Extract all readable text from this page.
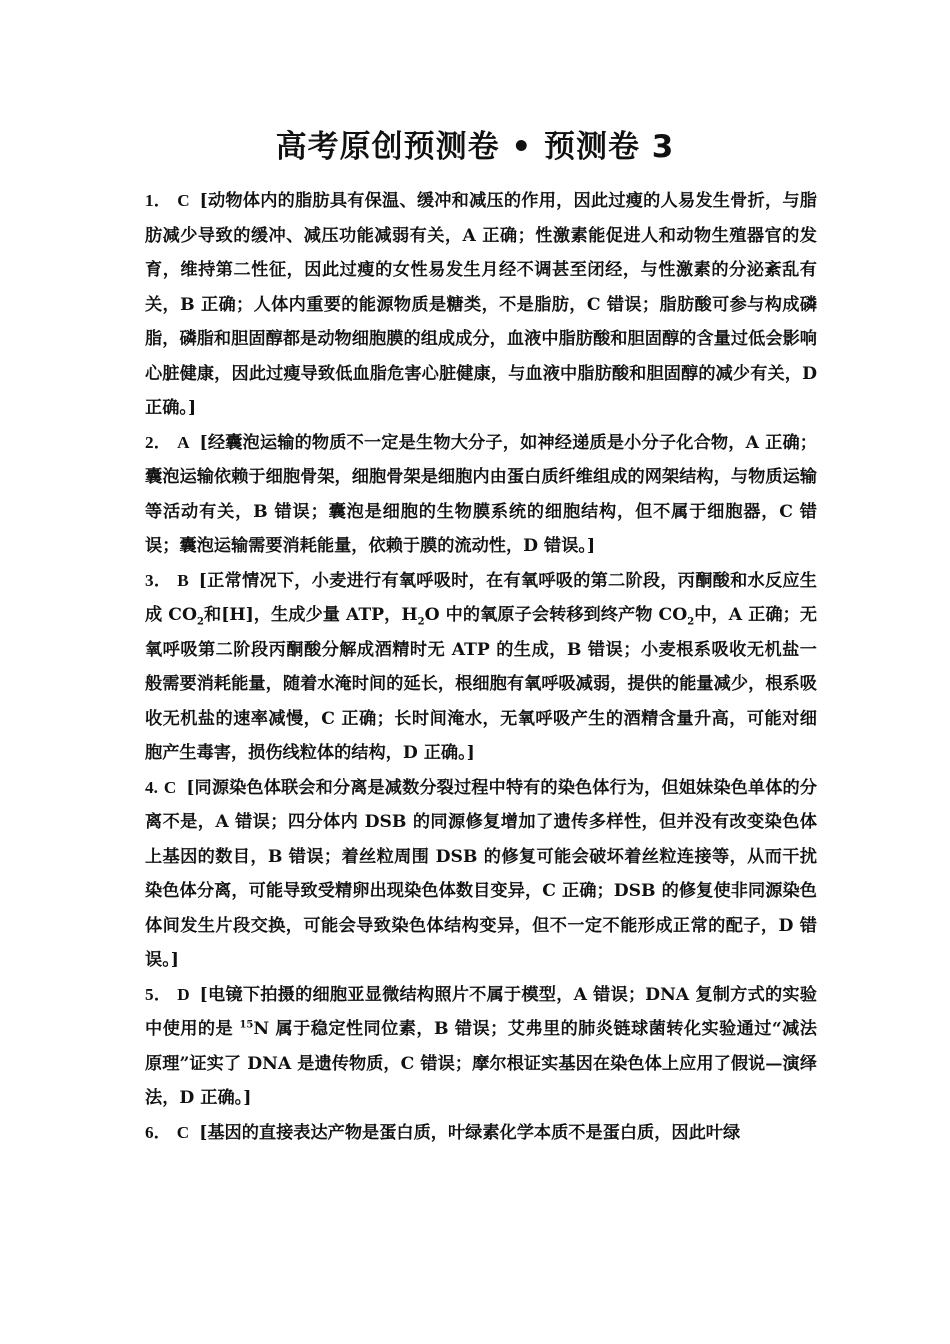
高考原创预测卷 • 预测卷 3

1． C [动物体内的脂肪具有保温、缓冲和减压的作用，因此过瘦的人易发生骨折，与脂肪减少导致的缓冲、减压功能减弱有关，A 正确；性激素能促进人和动物生殖器官的发育，维持第二性征，因此过瘦的女性易发生月经不调甚至闭经，与性激素的分泌紊乱有关，B 正确；人体内重要的能源物质是糖类，不是脂肪，C 错误；脂肪酸可参与构成磷脂，磷脂和胆固醇都是动物细胞膜的组成成分，血液中脂肪酸和胆固醇的含量过低会影响心脏健康，因此过瘦导致低血脂危害心脏健康，与血液中脂肪酸和胆固醇的减少有关，D 正确。]

2． A [经囊泡运输的物质不一定是生物大分子，如神经递质是小分子化合物，A 正确；囊泡运输依赖于细胞骨架，细胞骨架是细胞内由蛋白质纤维组成的网架结构，与物质运输等活动有关，B 错误；囊泡是细胞的生物膜系统的细胞结构，但不属于细胞器，C 错误；囊泡运输需要消耗能量，依赖于膜的流动性，D 错误。]

3． B [正常情况下，小麦进行有氧呼吸时，在有氧呼吸的第二阶段，丙酮酸和水反应生成 $CO_2$和[H]，生成少量 ATP，$H_2O$ 中的氧原子会转移到终产物 $CO_2$中，A 正确；无氧呼吸第二阶段丙酮酸分解成酒精时无 ATP 的生成，B 错误；小麦根系吸收无机盐一般需要消耗能量，随着水淹时间的延长，根细胞有氧呼吸减弱，提供的能量减少，根系吸收无机盐的速率减慢，C 正确；长时间淹水，无氧呼吸产生的酒精含量升高，可能对细胞产生毒害，损伤线粒体的结构，D 正确。]

4. C [同源染色体联会和分离是减数分裂过程中特有的染色体行为，但姐妹染色单体的分离不是，A 错误；四分体内 DSB 的同源修复增加了遗传多样性，但并没有改变染色体上基因的数目，B 错误；着丝粒周围 DSB 的修复可能会破坏着丝粒连接等，从而干扰染色体分离，可能导致受精卵出现染色体数目变异，C 正确；DSB 的修复使非同源染色体间发生片段交换，可能会导致染色体结构变异，但不一定不能形成正常的配子，D 错误。]

5． D [电镜下拍摄的细胞亚显微结构照片不属于模型，A 错误；DNA 复制方式的实验中使用的是 $^{15}$N 属于稳定性同位素，B 错误；艾弗里的肺炎链球菌转化实验通过“减法原理”证实了 DNA 是遗传物质，C 错误；摩尔根证实基因在染色体上应用了假说—演绎法，D 正确。]

6． C [基因的直接表达产物是蛋白质，叶绿素化学本质不是蛋白质，因此叶绿
